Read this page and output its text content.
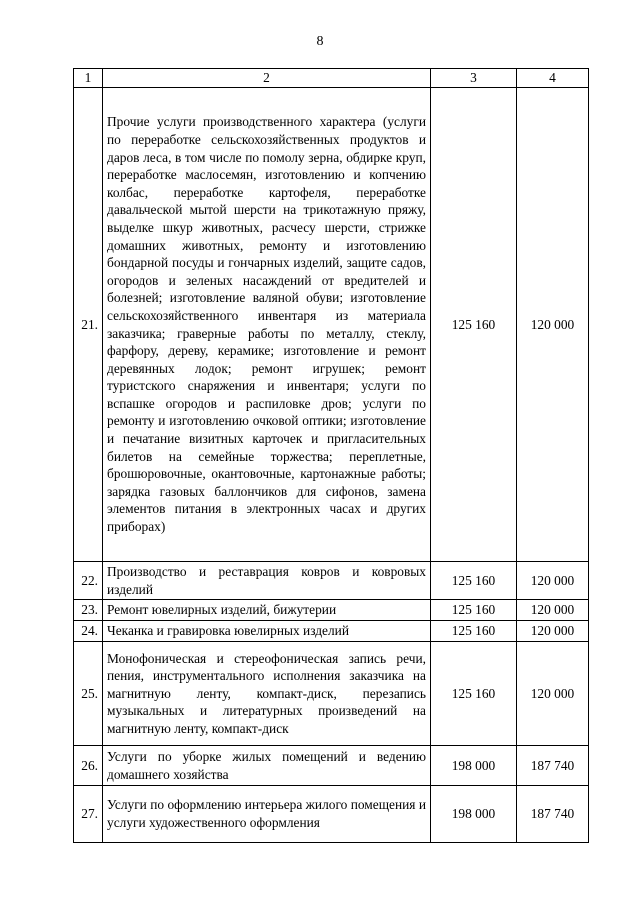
8
1	2	3	4
21.	Прочие услуги производственного характера (услуги по переработке сельскохозяйственных продуктов и даров леса, в том числе по помолу зерна, обдирке круп, переработке маслосемян, изготовлению и копчению колбас, переработке картофеля, переработке давальческой мытой шерсти на трикотажную пряжу, выделке шкур животных, расчесу шерсти, стрижке домашних животных, ремонту и изготовлению бондарной посуды и гончарных изделий, защите садов, огородов и зеленых насаждений от вредителей и болезней; изготовление валяной обуви; изготовление сельскохозяйственного инвентаря из материала заказчика; граверные работы по металлу, стеклу, фарфору, дереву, керамике; изготовление и ремонт деревянных лодок; ремонт игрушек; ремонт туристского снаряжения и инвентаря; услуги по вспашке огородов и распиловке дров; услуги по ремонту и изготовлению очковой оптики; изготовление и печатание визитных карточек и пригласительных билетов на семейные торжества; переплетные, брошюровочные, окантовочные, картонажные работы; зарядка газовых баллончиков для сифонов, замена элементов питания в электронных часах и других приборах)	125 160	120 000
22.	Производство и реставрация ковров и ковровых изделий	125 160	120 000
23.	Ремонт ювелирных изделий, бижутерии	125 160	120 000
24.	Чеканка и гравировка ювелирных изделий	125 160	120 000
25.	Монофоническая и стереофоническая запись речи, пения, инструментального исполнения заказчика на магнитную ленту, компакт-диск, перезапись музыкальных и литературных произведений на магнитную ленту, компакт-диск	125 160	120 000
26.	Услуги по уборке жилых помещений и ведению домашнего хозяйства	198 000	187 740
27.	Услуги по оформлению интерьера жилого помещения и услуги художественного оформления	198 000	187 740
